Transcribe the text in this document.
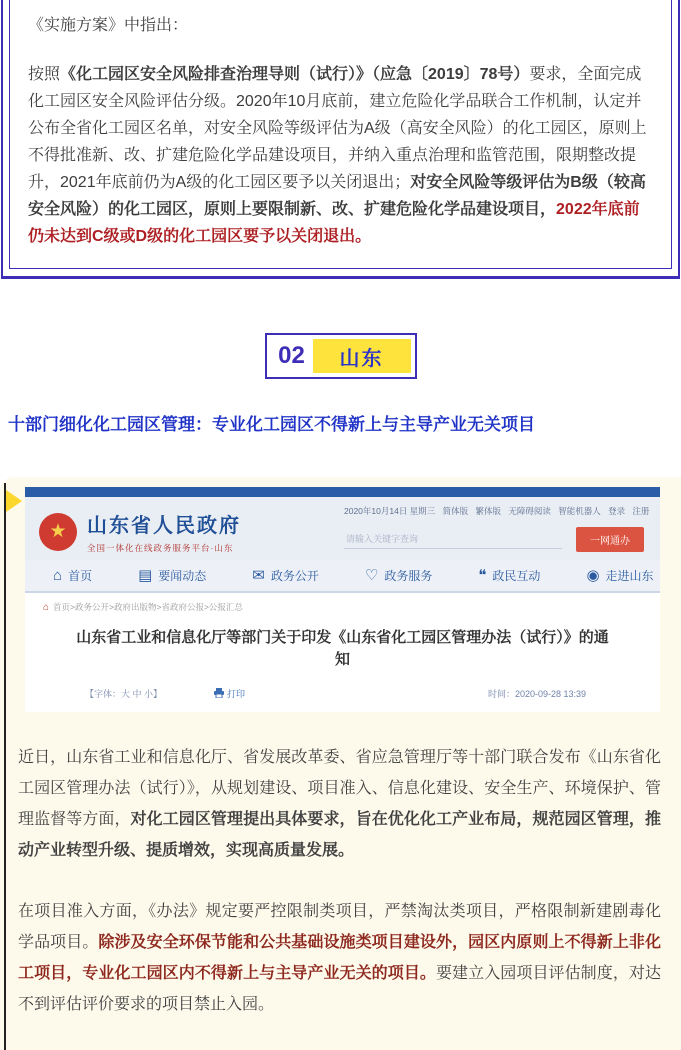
《实施方案》中指出：

按照《化工园区安全风险排查治理导则（试行）》（应急〔2019〕78号）要求，全面完成化工园区安全风险评估分级。2020年10月底前，建立危险化学品联合工作机制，认定并公布全省化工园区名单，对安全风险等级评估为A级（高安全风险）的化工园区，原则上不得批准新、改、扩建危险化学品建设项目，并纳入重点治理和监管范围，限期整改提升，2021年底前仍为A级的化工园区要予以关闭退出；对安全风险等级评估为B级（较高安全风险）的化工园区，原则上要限制新、改、扩建危险化学品建设项目，2022年底前仍未达到C级或D级的化工园区要予以关闭退出。

02	山东
十部门细化化工园区管理：专业化工园区不得新上与主导产业无关项目
★ 山东省人民政府
全国一体化在线政务服务平台·山东
2020年10月14日 星期三 简体版 繁体版 无障碍阅读 智能机器人 登录 注册
请输入关键字查询
一网通办
⌂ 首页	▤ 要闻动态	✉ 政务公开	♡ 政务服务	❝ 政民互动	◉ 走进山东
⌂ 首页>政务公开>政府出版物>省政府公报>公报汇总
山东省工业和信息化厅等部门关于印发《山东省化工园区管理办法（试行）》的通知
【字体：大 中 小】	打印	时间：2020-09-28 13:39

近日，山东省工业和信息化厅、省发展改革委、省应急管理厅等十部门联合发布《山东省化工园区管理办法（试行）》，从规划建设、项目准入、信息化建设、安全生产、环境保护、管理监督等方面，对化工园区管理提出具体要求，旨在优化化工产业布局，规范园区管理，推动产业转型升级、提质增效，实现高质量发展。

在项目准入方面，《办法》规定要严控限制类项目，严禁淘汰类项目，严格限制新建剧毒化学品项目。除涉及安全环保节能和公共基础设施类项目建设外，园区内原则上不得新上非化工项目，专业化工园区内不得新上与主导产业无关的项目。要建立入园项目评估制度，对达不到评估评价要求的项目禁止入园。
